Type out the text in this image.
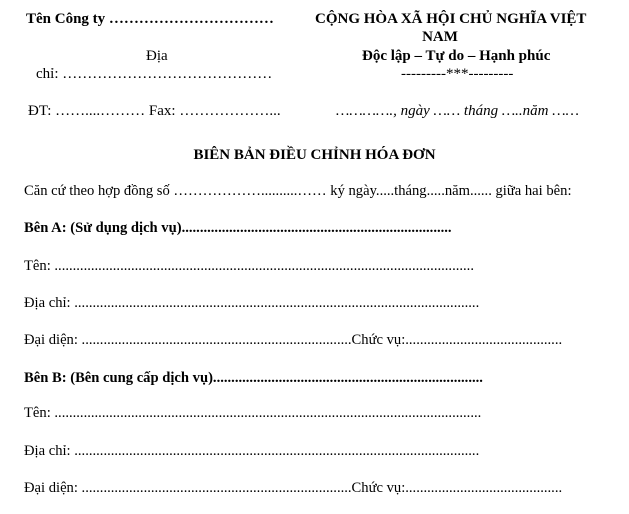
Tên Công ty ……………………………
Địa
chỉ: ……………………………………
ĐT: ……....……… Fax: ………………...
CỘNG HÒA XÃ HỘI CHỦ NGHĨA VIỆT
NAM
Độc lập – Tự do – Hạnh phúc
---------***---------
…………., ngày …… tháng …..năm ……
BIÊN BẢN ĐIỀU CHỈNH HÓA ĐƠN
Căn cứ theo hợp đồng số ………………..........…… ký ngày.....tháng.....năm...... giữa hai bên:
Bên A: (Sử dụng dịch vụ)..........................................................................
Tên: ...................................................................................................................
Địa chỉ: ...............................................................................................................
Đại diện: ..........................................................................Chức vụ:...........................................
Bên B: (Bên cung cấp dịch vụ)..........................................................................
Tên: .....................................................................................................................
Địa chỉ: ...............................................................................................................
Đại diện: ..........................................................................Chức vụ:...........................................
